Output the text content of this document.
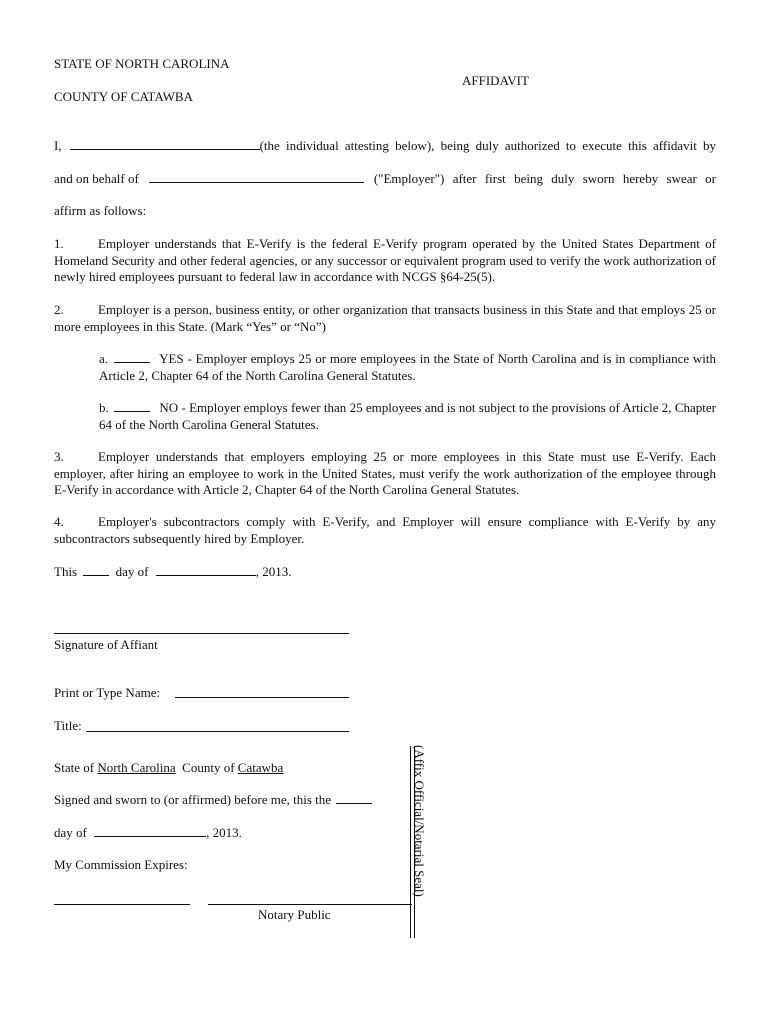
STATE OF NORTH CAROLINA
AFFIDAVIT
COUNTY OF CATAWBA
I,	(the individual attesting below), being duly authorized to execute this affidavit by
and on behalf of	("Employer") after first being duly sworn hereby swear or
affirm as follows:
1.	Employer understands that E-Verify is the federal E-Verify program operated by the United States Department of Homeland Security and other federal agencies, or any successor or equivalent program used to verify the work authorization of newly hired employees pursuant to federal law in accordance with NCGS §64-25(5).
2.	Employer is a person, business entity, or other organization that transacts business in this State and that employs 25 or more employees in this State. (Mark “Yes” or “No”)
a.	YES - Employer employs 25 or more employees in the State of North Carolina and is in compliance with Article 2, Chapter 64 of the North Carolina General Statutes.
b.	NO - Employer employs fewer than 25 employees and is not subject to the provisions of Article 2, Chapter 64 of the North Carolina General Statutes.
3.	Employer understands that employers employing 25 or more employees in this State must use E-Verify. Each employer, after hiring an employee to work in the United States, must verify the work authorization of the employee through E-Verify in accordance with Article 2, Chapter 64 of the North Carolina General Statutes.
4.	Employer's subcontractors comply with E-Verify, and Employer will ensure compliance with E-Verify by any subcontractors subsequently hired by Employer.
This	day of	, 2013.
Signature of Affiant
Print or Type Name:
Title:
State of North Carolina County of Catawba
Signed and sworn to (or affirmed) before me, this the
day of	, 2013.
My Commission Expires:
Notary Public
(Affix Official/Notarial Seal)
